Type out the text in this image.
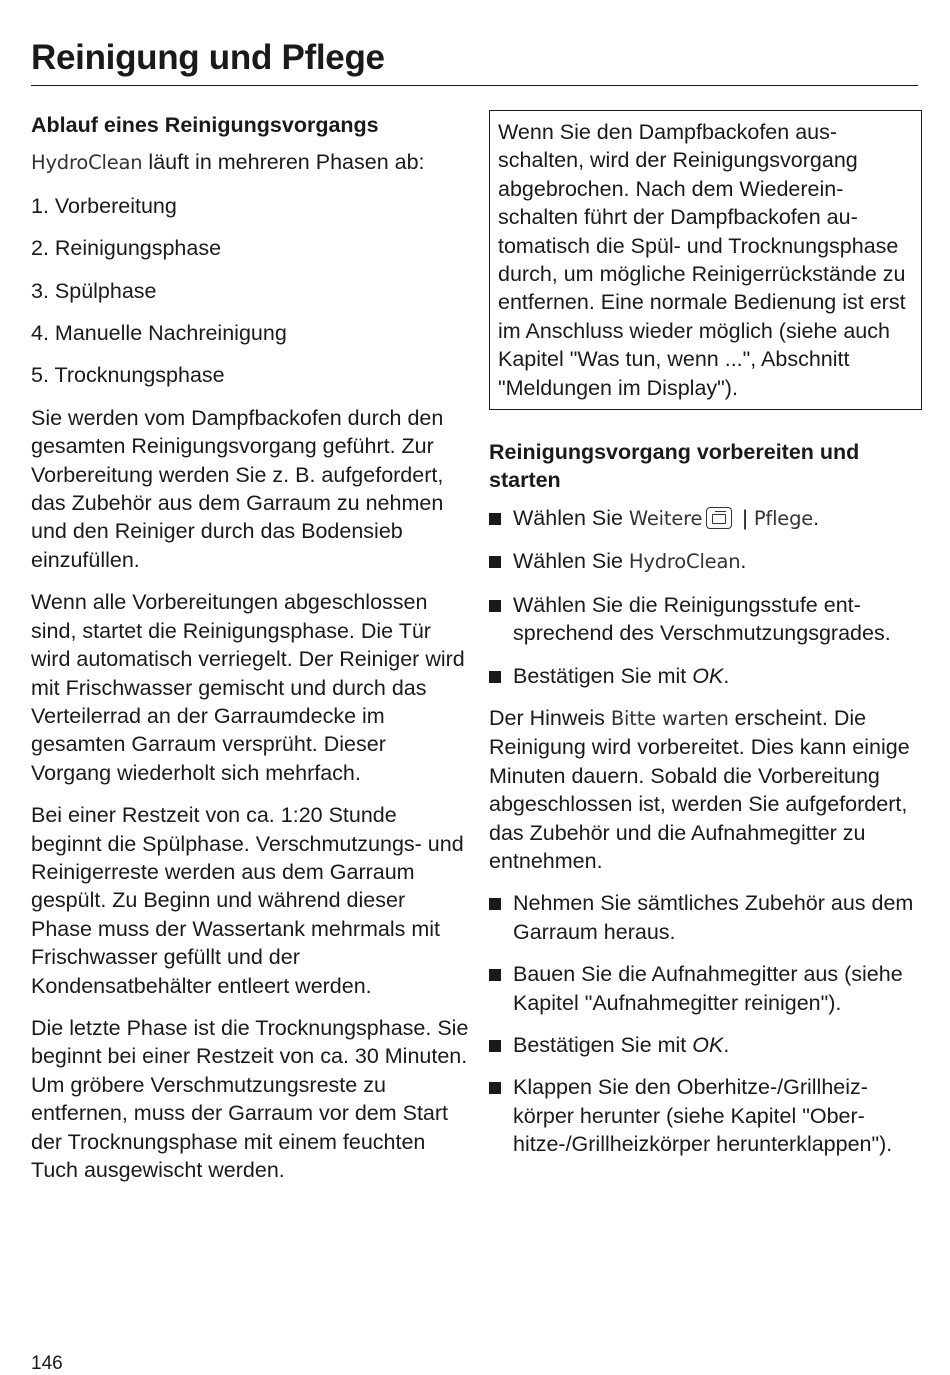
Reinigung und Pflege

Ablauf eines Reinigungsvorgangs

HydroClean läuft in mehreren Phasen ab:

1. Vorbereitung
2. Reinigungsphase
3. Spülphase
4. Manuelle Nachreinigung
5. Trocknungsphase

Sie werden vom Dampfbackofen durch den gesamten Reinigungsvorgang geführt. Zur Vorbereitung werden Sie z. B. aufgefordert, das Zubehör aus dem Garraum zu nehmen und den Reiniger durch das Bodensieb einzufüllen.

Wenn alle Vorbereitungen abgeschlossen sind, startet die Reinigungsphase. Die Tür wird automatisch verriegelt. Der Reiniger wird mit Frischwasser gemischt und durch das Verteilerrad an der Garraumdecke im gesamten Garraum versprüht. Dieser Vorgang wiederholt sich mehrfach.

Bei einer Restzeit von ca. 1:20 Stunde beginnt die Spülphase. Verschmutzungs- und Reinigerreste werden aus dem Garraum gespült. Zu Beginn und während dieser Phase muss der Wassertank mehrmals mit Frischwasser gefüllt und der Kondensatbehälter entleert werden.

Die letzte Phase ist die Trocknungsphase. Sie beginnt bei einer Restzeit von ca. 30 Minuten. Um gröbere Verschmutzungsreste zu entfernen, muss der Garraum vor dem Start der Trocknungsphase mit einem feuchten Tuch ausgewischt werden.

Wenn Sie den Dampfbackofen ausschalten, wird der Reinigungsvorgang abgebrochen. Nach dem Wiedereinschalten führt der Dampfbackofen automatisch die Spül- und Trocknungsphase durch, um mögliche Reinigerrückstände zu entfernen. Eine normale Bedienung ist erst im Anschluss wieder möglich (siehe auch Kapitel "Was tun, wenn ...", Abschnitt "Meldungen im Display").

Reinigungsvorgang vorbereiten und starten

Wählen Sie Weitere | Pflege.
Wählen Sie HydroClean.
Wählen Sie die Reinigungsstufe entsprechend des Verschmutzungsgrades.
Bestätigen Sie mit OK.

Der Hinweis Bitte warten erscheint. Die Reinigung wird vorbereitet. Dies kann einige Minuten dauern. Sobald die Vorbereitung abgeschlossen ist, werden Sie aufgefordert, das Zubehör und die Aufnahmegitter zu entnehmen.

Nehmen Sie sämtliches Zubehör aus dem Garraum heraus.
Bauen Sie die Aufnahmegitter aus (siehe Kapitel "Aufnahmegitter reinigen").
Bestätigen Sie mit OK.
Klappen Sie den Oberhitze-/Grillheizkörper herunter (siehe Kapitel "Oberhitze-/Grillheizkörper herunterklappen").

146
